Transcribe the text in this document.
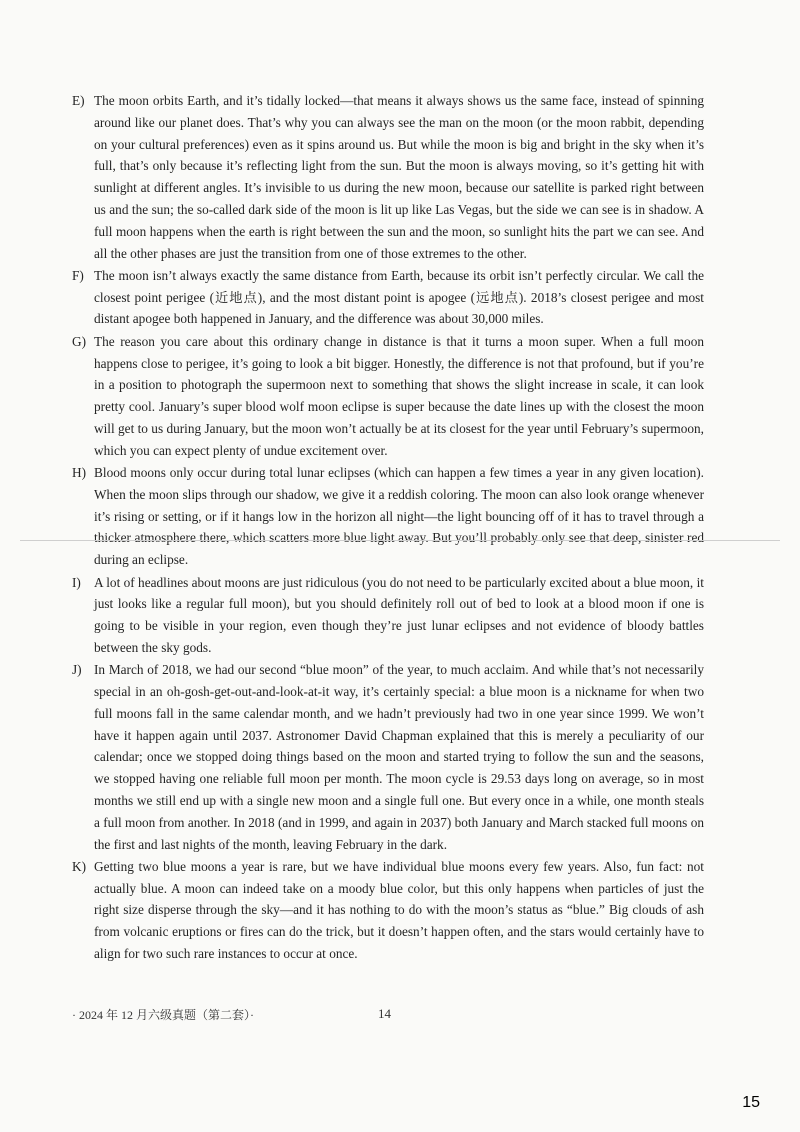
E) The moon orbits Earth, and it’s tidally locked—that means it always shows us the same face, instead of spinning around like our planet does. That’s why you can always see the man on the moon (or the moon rabbit, depending on your cultural preferences) even as it spins around us. But while the moon is big and bright in the sky when it’s full, that’s only because it’s reflecting light from the sun. But the moon is always moving, so it’s getting hit with sunlight at different angles. It’s invisible to us during the new moon, because our satellite is parked right between us and the sun; the so-called dark side of the moon is lit up like Las Vegas, but the side we can see is in shadow. A full moon happens when the earth is right between the sun and the moon, so sunlight hits the part we can see. And all the other phases are just the transition from one of those extremes to the other.
F) The moon isn’t always exactly the same distance from Earth, because its orbit isn’t perfectly circular. We call the closest point perigee (近地点), and the most distant point is apogee (远地点). 2018’s closest perigee and most distant apogee both happened in January, and the difference was about 30,000 miles.
G) The reason you care about this ordinary change in distance is that it turns a moon super. When a full moon happens close to perigee, it’s going to look a bit bigger. Honestly, the difference is not that profound, but if you’re in a position to photograph the supermoon next to something that shows the slight increase in scale, it can look pretty cool. January’s super blood wolf moon eclipse is super because the date lines up with the closest the moon will get to us during January, but the moon won’t actually be at its closest for the year until February’s supermoon, which you can expect plenty of undue excitement over.
H) Blood moons only occur during total lunar eclipses (which can happen a few times a year in any given location). When the moon slips through our shadow, we give it a reddish coloring. The moon can also look orange whenever it’s rising or setting, or if it hangs low in the horizon all night—the light bouncing off of it has to travel through a thicker atmosphere there, which scatters more blue light away. But you’ll probably only see that deep, sinister red during an eclipse.
I) A lot of headlines about moons are just ridiculous (you do not need to be particularly excited about a blue moon, it just looks like a regular full moon), but you should definitely roll out of bed to look at a blood moon if one is going to be visible in your region, even though they’re just lunar eclipses and not evidence of bloody battles between the sky gods.
J) In March of 2018, we had our second “blue moon” of the year, to much acclaim. And while that’s not necessarily special in an oh-gosh-get-out-and-look-at-it way, it’s certainly special: a blue moon is a nickname for when two full moons fall in the same calendar month, and we hadn’t previously had two in one year since 1999. We won’t have it happen again until 2037. Astronomer David Chapman explained that this is merely a peculiarity of our calendar; once we stopped doing things based on the moon and started trying to follow the sun and the seasons, we stopped having one reliable full moon per month. The moon cycle is 29.53 days long on average, so in most months we still end up with a single new moon and a single full one. But every once in a while, one month steals a full moon from another. In 2018 (and in 1999, and again in 2037) both January and March stacked full moons on the first and last nights of the month, leaving February in the dark.
K) Getting two blue moons a year is rare, but we have individual blue moons every few years. Also, fun fact: not actually blue. A moon can indeed take on a moody blue color, but this only happens when particles of just the right size disperse through the sky—and it has nothing to do with the moon’s status as “blue.” Big clouds of ash from volcanic eruptions or fires can do the trick, but it doesn’t happen often, and the stars would certainly have to align for two such rare instances to occur at once.
· 2024 年 12 月六级真题（第二套）·	14
15
